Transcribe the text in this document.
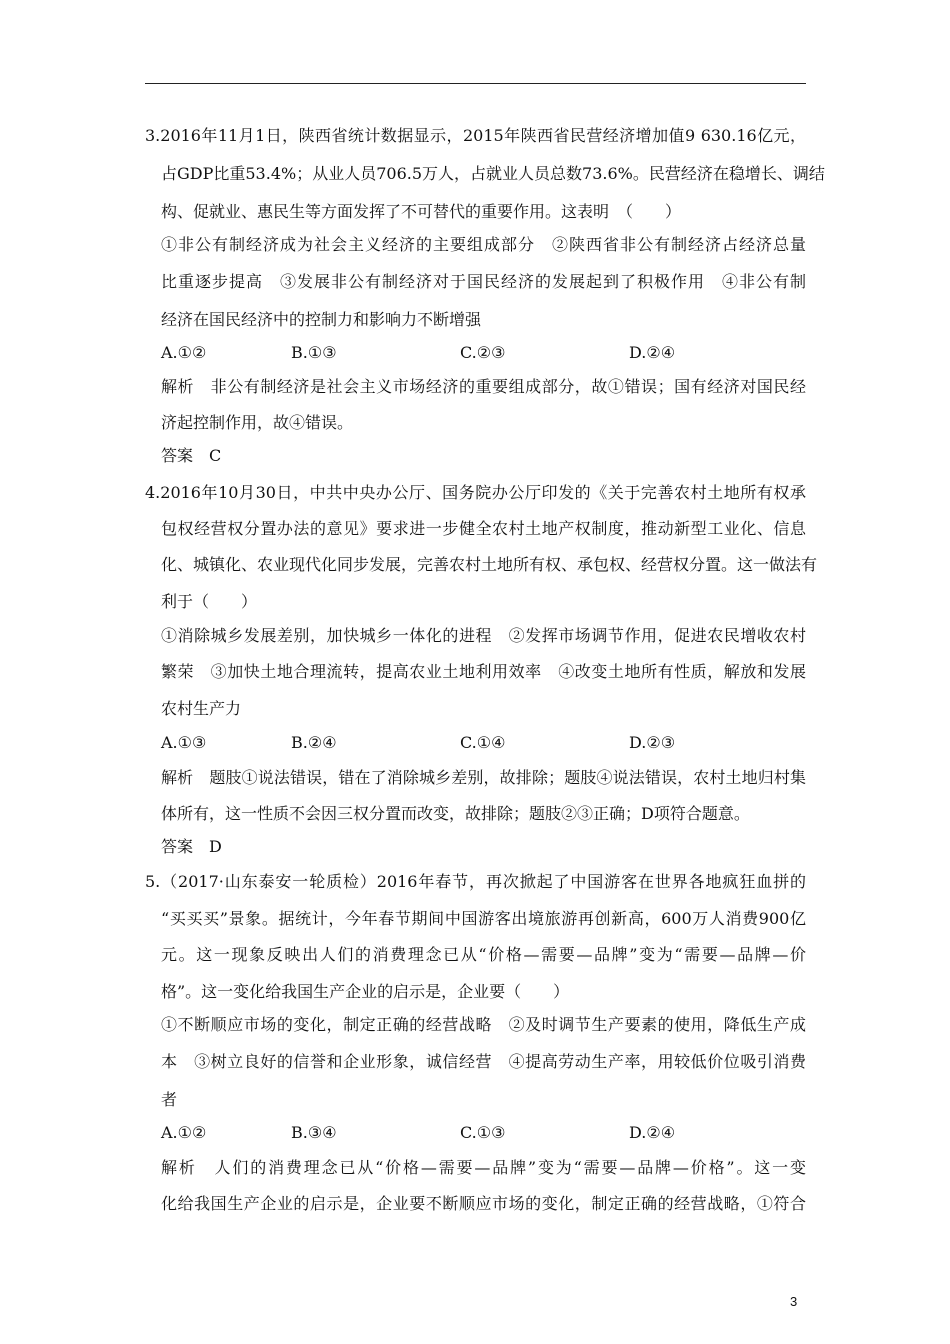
3.2016年11月1日，陕西省统计数据显示，2015年陕西省民营经济增加值9 630.16亿元，
占GDP比重53.4%；从业人员706.5万人，占就业人员总数73.6%。民营经济在稳增长、调结
构、促就业、惠民生等方面发挥了不可替代的重要作用。这表明　（　　）
①非公有制经济成为社会主义经济的主要组成部分　②陕西省非公有制经济占经济总量
比重逐步提高　③发展非公有制经济对于国民经济的发展起到了积极作用　④非公有制
经济在国民经济中的控制力和影响力不断增强
A.①②	B.①③	C.②③	D.②④
解析　非公有制经济是社会主义市场经济的重要组成部分，故①错误；国有经济对国民经
济起控制作用，故④错误。
答案　C
4.2016年10月30日，中共中央办公厅、国务院办公厅印发的《关于完善农村土地所有权承
包权经营权分置办法的意见》要求进一步健全农村土地产权制度，推动新型工业化、信息
化、城镇化、农业现代化同步发展，完善农村土地所有权、承包权、经营权分置。这一做法有
利于（　　）
①消除城乡发展差别，加快城乡一体化的进程　②发挥市场调节作用，促进农民增收农村
繁荣　③加快土地合理流转，提高农业土地利用效率　④改变土地所有性质，解放和发展
农村生产力
A.①③	B.②④	C.①④	D.②③
解析　题肢①说法错误，错在了消除城乡差别，故排除；题肢④说法错误，农村土地归村集
体所有，这一性质不会因三权分置而改变，故排除；题肢②③正确；D项符合题意。
答案　D
5.（2017·山东泰安一轮质检）2016年春节，再次掀起了中国游客在世界各地疯狂血拼的
“买买买”景象。据统计，今年春节期间中国游客出境旅游再创新高，600万人消费900亿
元。这一现象反映出人们的消费理念已从“价格—需要—品牌”变为“需要—品牌—价
格”。这一变化给我国生产企业的启示是，企业要（　　）
①不断顺应市场的变化，制定正确的经营战略　②及时调节生产要素的使用，降低生产成
本　③树立良好的信誉和企业形象，诚信经营　④提高劳动生产率，用较低价位吸引消费
者
A.①②	B.③④	C.①③	D.②④
解析　人们的消费理念已从“价格—需要—品牌”变为“需要—品牌—价格”。这一变
化给我国生产企业的启示是，企业要不断顺应市场的变化，制定正确的经营战略，①符合
3
